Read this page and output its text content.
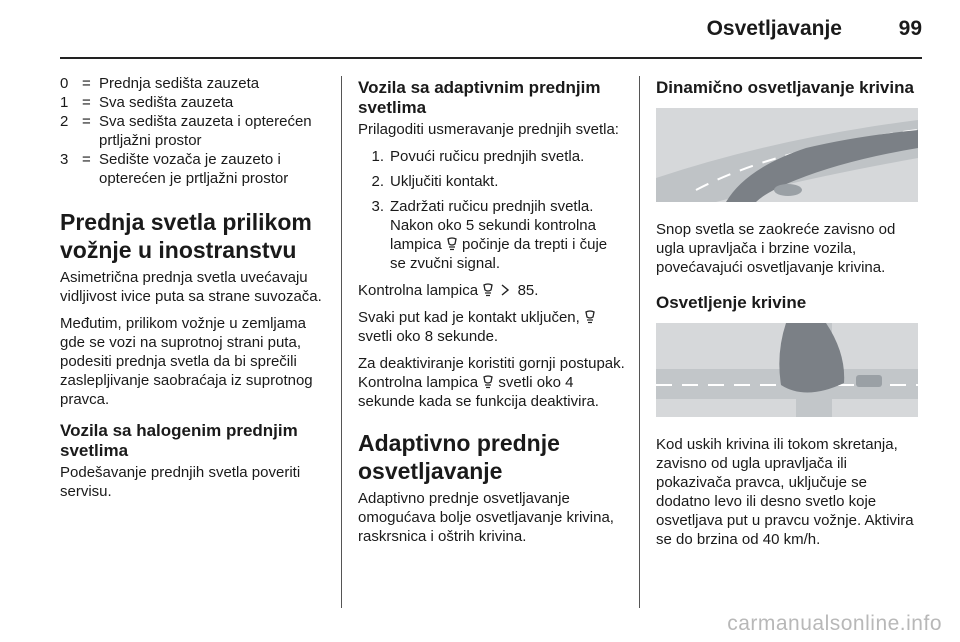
Osvetljavanje	99
0 = Prednja sedišta zauzeta
1 = Sva sedišta zauzeta
2 = Sva sedišta zauzeta i opterećen prtljažni prostor
3 = Sedište vozača je zauzeto i opterećen je prtljažni prostor
Prednja svetla prilikom vožnje u inostranstvu

Asimetrična prednja svetla uvećavaju vidljivost ivice puta sa strane suvozača.

Međutim, prilikom vožnje u zemljama gde se vozi na suprotnoj strani puta, podesiti prednja svetla da bi sprečili zaslepljivanje saobraćaja iz suprotnog pravca.

Vozila sa halogenim prednjim svetlima

Podešavanje prednjih svetla poveriti servisu.

Vozila sa adaptivnim prednjim svetlima

Prilagoditi usmeravanje prednjih svetla:

1. Povući ručicu prednjih svetla.
2. Uključiti kontakt.
3. Zadržati ručicu prednjih svetla. Nakon oko 5 sekundi kontrolna lampica počinje da trepti i čuje se zvučni signal.

Kontrolna lampica	85.

Svaki put kad je kontakt uključen,  svetli oko 8 sekunde.

Za deaktiviranje koristiti gornji postupak. Kontrolna lampica svetli oko 4 sekunde kada se funkcija deaktivira.

Adaptivno prednje osvetljavanje

Adaptivno prednje osvetljavanje omogućava bolje osvetljavanje krivina, raskrsnica i oštrih krivina.

Dinamično osvetljavanje krivina

Snop svetla se zaokreće zavisno od ugla upravljača i brzine vozila, povećavajući osvetljavanje krivina.

Osvetljenje krivine

Kod uskih krivina ili tokom skretanja, zavisno od ugla upravljača ili pokazivača pravca, uključuje se dodatno levo ili desno svetlo koje osvetljava put u pravcu vožnje. Aktivira se do brzina od 40 km/h.

carmanualsonline.info
